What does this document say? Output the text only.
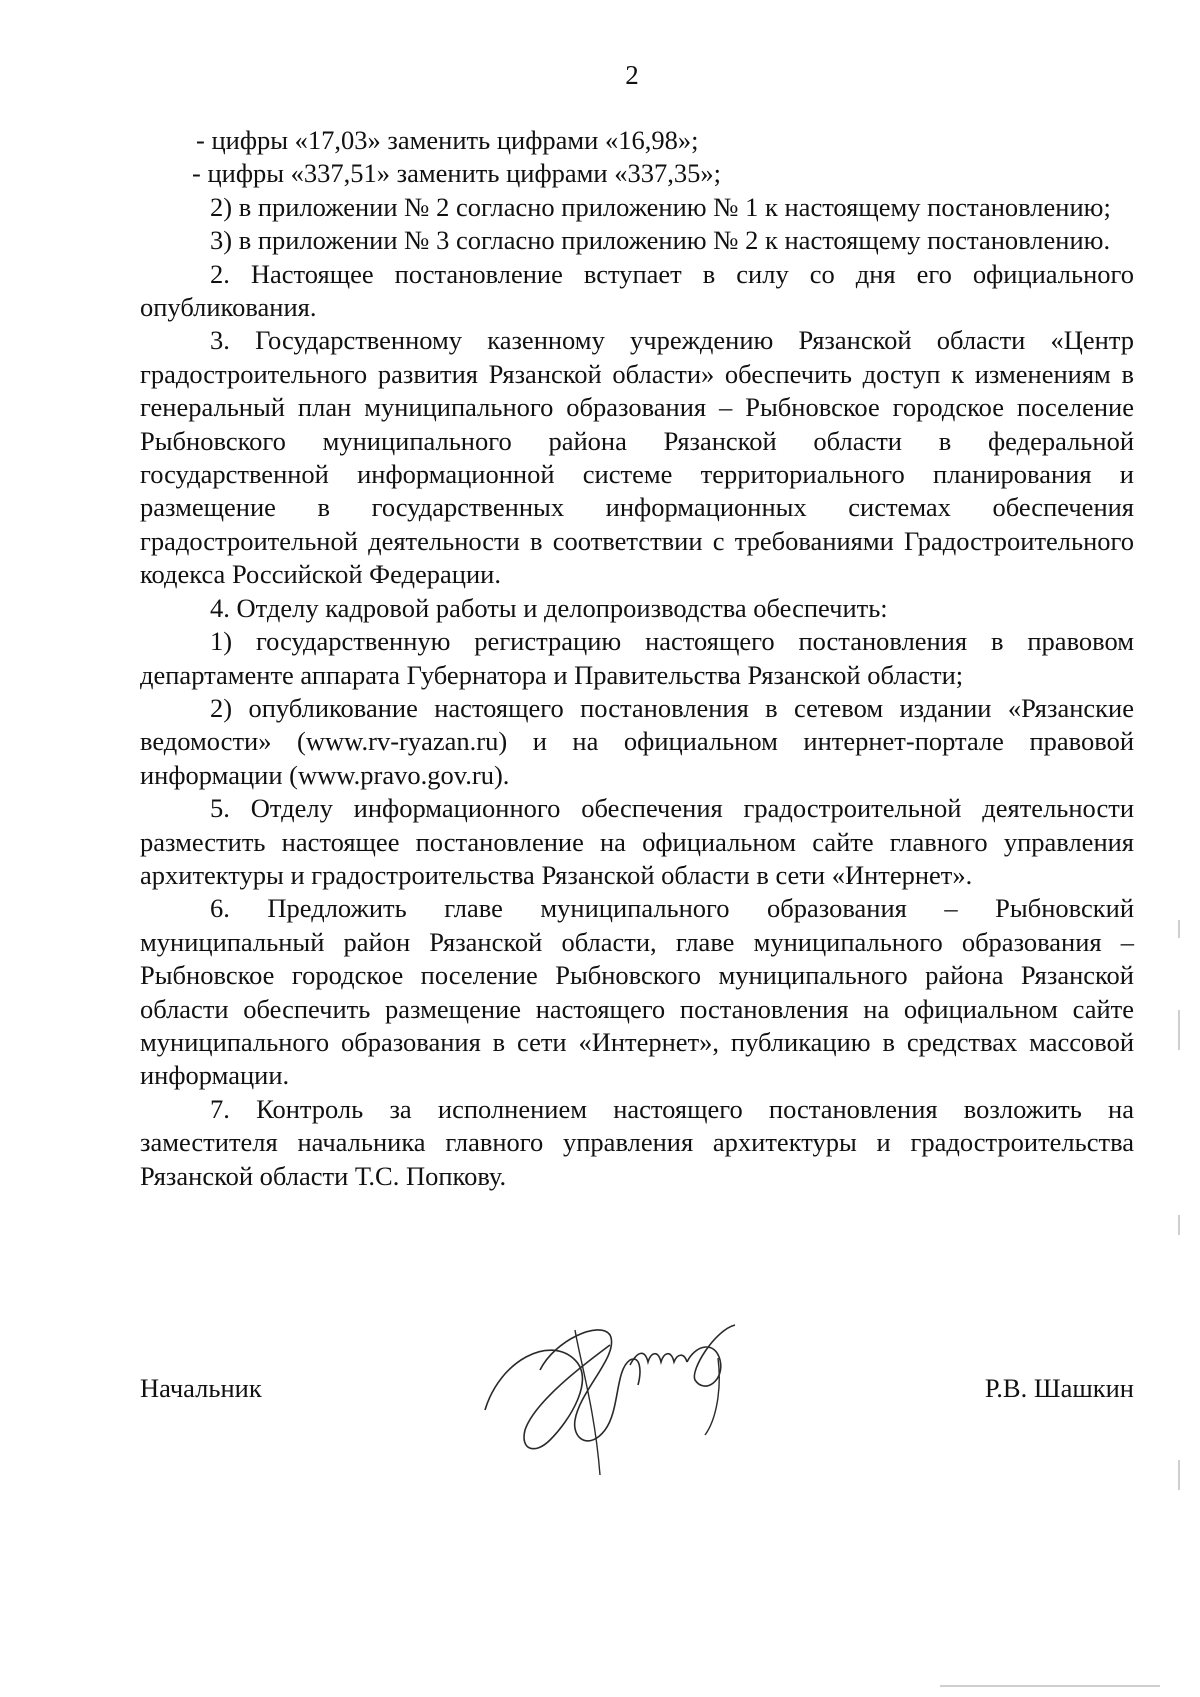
2

- цифры «17,03» заменить цифрами «16,98»;

- цифры «337,51» заменить цифрами «337,35»;

2) в приложении № 2 согласно приложению № 1 к настоящему постановлению;

3) в приложении № 3 согласно приложению № 2 к настоящему постановлению.

2. Настоящее постановление вступает в силу со дня его официального опубликования.

3. Государственному казенному учреждению Рязанской области «Центр градостроительного развития Рязанской области» обеспечить доступ к изменениям в генеральный план муниципального образования – Рыбновское городское поселение Рыбновского муниципального района Рязанской области в федеральной государственной информационной системе территориального планирования и размещение в государственных информационных системах обеспечения градостроительной деятельности в соответствии с требованиями Градостроительного кодекса Российской Федерации.

4. Отделу кадровой работы и делопроизводства обеспечить:

1) государственную регистрацию настоящего постановления в правовом департаменте аппарата Губернатора и Правительства Рязанской области;

2) опубликование настоящего постановления в сетевом издании «Рязанские ведомости» (www.rv-ryazan.ru) и на официальном интернет-портале правовой информации (www.pravo.gov.ru).

5. Отделу информационного обеспечения градостроительной деятельности разместить настоящее постановление на официальном сайте главного управления архитектуры и градостроительства Рязанской области в сети «Интернет».

6. Предложить главе муниципального образования – Рыбновский муниципальный район Рязанской области, главе муниципального образования – Рыбновское городское поселение Рыбновского муниципального района Рязанской области обеспечить размещение настоящего постановления на официальном сайте муниципального образования в сети «Интернет», публикацию в средствах массовой информации.

7. Контроль за исполнением настоящего постановления возложить на заместителя начальника главного управления архитектуры и градостроительства Рязанской области Т.С. Попкову.

Начальник	Р.В. Шашкин
